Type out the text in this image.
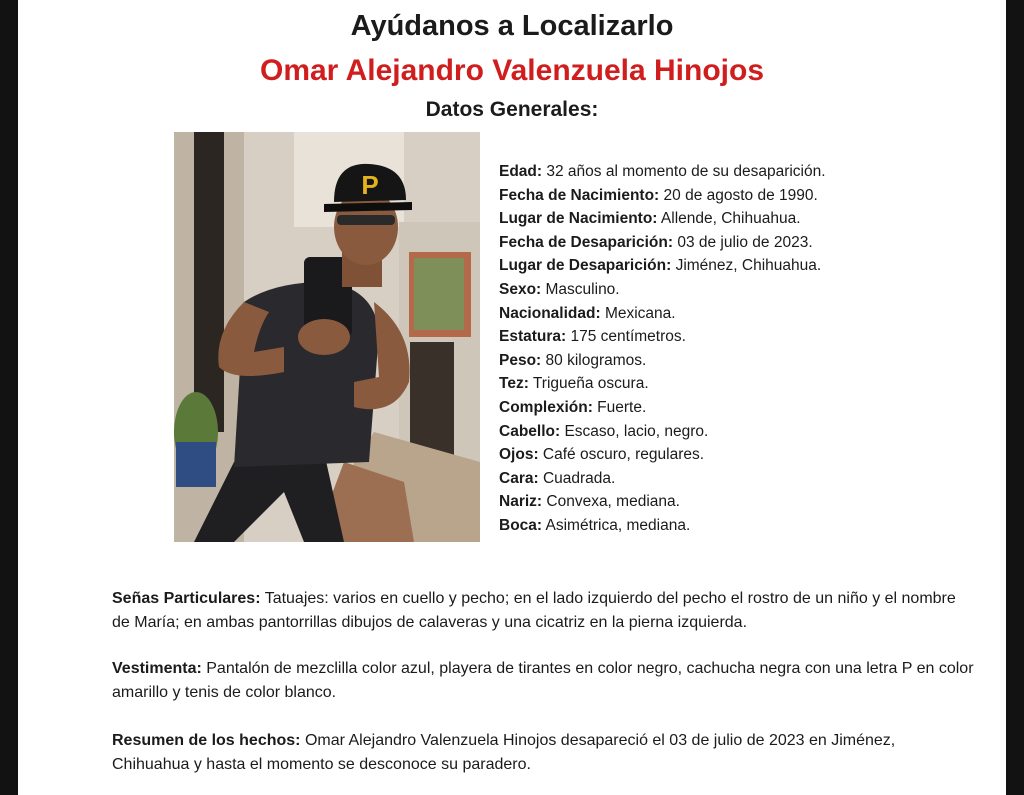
Ayúdanos a Localizarlo
Omar Alejandro Valenzuela Hinojos
Datos Generales:
P	Edad: 32 años al momento de su desaparición.
Fecha de Nacimiento: 20 de agosto de 1990.
Lugar de Nacimiento: Allende, Chihuahua.
Fecha de Desaparición: 03 de julio de 2023.
Lugar de Desaparición: Jiménez, Chihuahua.
Sexo: Masculino.
Nacionalidad: Mexicana.
Estatura: 175 centímetros.
Peso: 80 kilogramos.
Tez: Trigueña oscura.
Complexión: Fuerte.
Cabello: Escaso, lacio, negro.
Ojos: Café oscuro, regulares.
Cara: Cuadrada.
Nariz: Convexa, mediana.
Boca: Asimétrica, mediana.
Señas Particulares: Tatuajes: varios en cuello y pecho; en el lado izquierdo del pecho el rostro de un niño y el nombre de María; en ambas pantorrillas dibujos de calaveras y una cicatriz en la pierna izquierda.
Vestimenta: Pantalón de mezclilla color azul, playera de tirantes en color negro, cachucha negra con una letra P en color amarillo y tenis de color blanco.
Resumen de los hechos: Omar Alejandro Valenzuela Hinojos desapareció el 03 de julio de 2023 en Jiménez, Chihuahua y hasta el momento se desconoce su paradero.
